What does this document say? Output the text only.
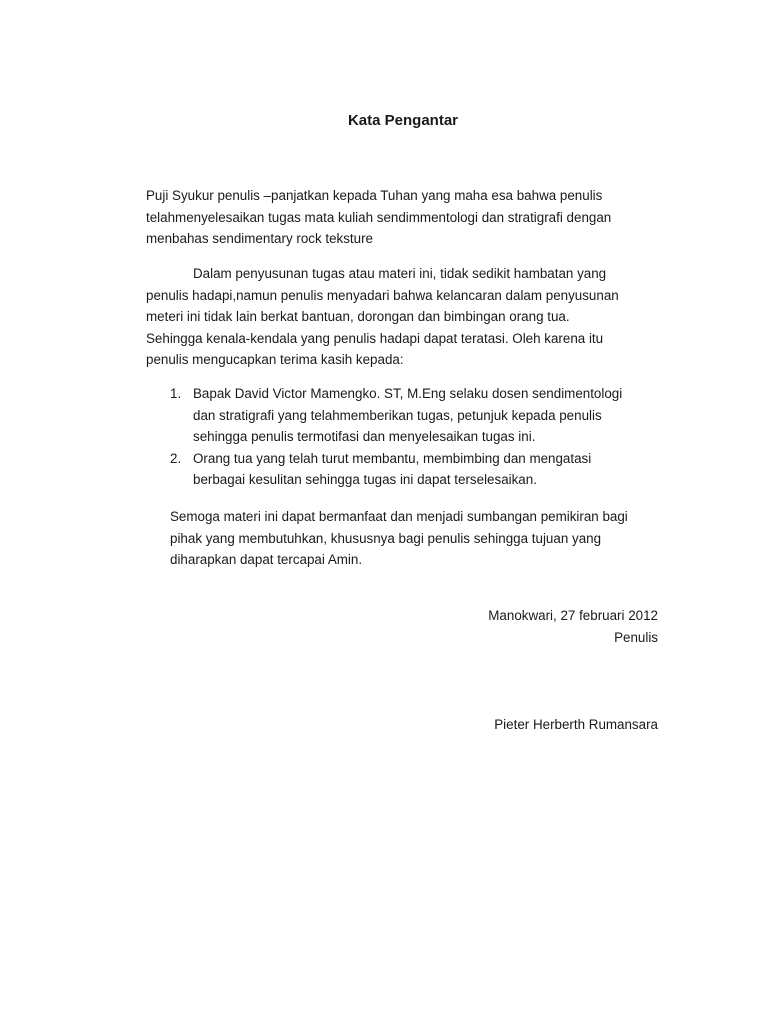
Kata Pengantar

Puji Syukur penulis –panjatkan kepada Tuhan yang maha esa bahwa penulis
telahmenyelesaikan tugas mata kuliah sendimmentologi dan stratigrafi dengan
menbahas sendimentary rock teksture

Dalam penyusunan tugas atau materi ini, tidak sedikit hambatan yang
penulis hadapi,namun penulis menyadari bahwa kelancaran dalam penyusunan
meteri ini tidak lain berkat bantuan, dorongan dan bimbingan orang tua.
Sehingga kenala-kendala yang penulis hadapi dapat teratasi. Oleh karena itu
penulis mengucapkan terima kasih kepada:

1. Bapak David Victor Mamengko. ST, M.Eng selaku dosen sendimentologi
dan stratigrafi yang telahmemberikan tugas, petunjuk kepada penulis
sehingga penulis termotifasi dan menyelesaikan tugas ini.
2. Orang tua yang telah turut membantu, membimbing dan mengatasi
berbagai kesulitan sehingga tugas ini dapat terselesaikan.

Semoga materi ini dapat bermanfaat dan menjadi sumbangan pemikiran bagi
pihak yang membutuhkan, khususnya bagi penulis sehingga tujuan yang
diharapkan dapat tercapai Amin.

Manokwari, 27 februari 2012
Penulis
Pieter Herberth Rumansara
